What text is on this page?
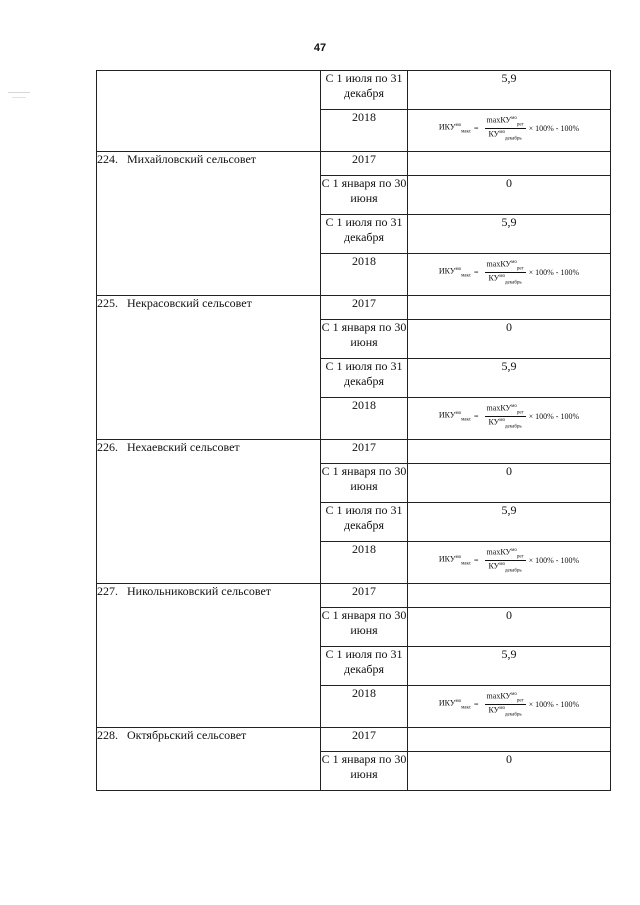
47
	С 1 июля по 31 декабря	5,9
	2018	$ИКУ^{мо}_{макс} = \frac{\max КУ^{мо}_{рег}}{КУ^{мо}_{декабрь}} \times 100\% - 100\%$

224. Михайловский сельсовет	2017	
	С 1 января по 30 июня	0
	С 1 июля по 31 декабря	5,9
	2018	$ИКУ^{мо}_{макс} = \frac{\max КУ^{мо}_{рег}}{КУ^{мо}_{декабрь}} \times 100\% - 100\%$

225. Некрасовский сельсовет	2017	
	С 1 января по 30 июня	0
	С 1 июля по 31 декабря	5,9
	2018	$ИКУ^{мо}_{макс} = \frac{\max КУ^{мо}_{рег}}{КУ^{мо}_{декабрь}} \times 100\% - 100\%$

226. Нехаевский сельсовет	2017	
	С 1 января по 30 июня	0
	С 1 июля по 31 декабря	5,9
	2018	$ИКУ^{мо}_{макс} = \frac{\max КУ^{мо}_{рег}}{КУ^{мо}_{декабрь}} \times 100\% - 100\%$

227. Никольниковский сельсовет	2017	
	С 1 января по 30 июня	0
	С 1 июля по 31 декабря	5,9
	2018	$ИКУ^{мо}_{макс} = \frac{\max КУ^{мо}_{рег}}{КУ^{мо}_{декабрь}} \times 100\% - 100\%$

228. Октябрьский сельсовет	2017	
	С 1 января по 30 июня	0
